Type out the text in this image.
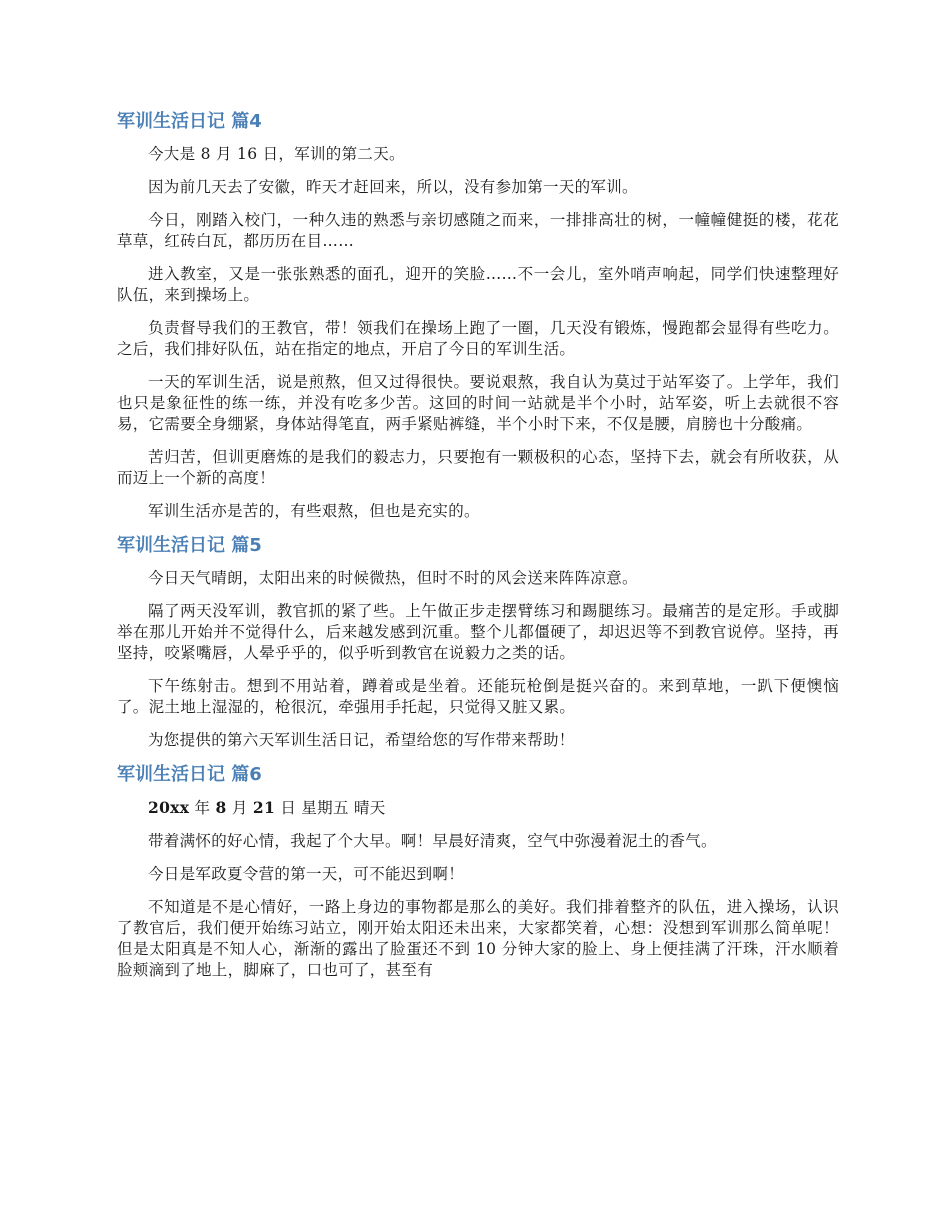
军训生活日记 篇4

今大是 8 月 16 日，军训的第二天。

因为前几天去了安徽，昨天才赶回来，所以，没有参加第一天的军训。

今日，刚踏入校门，一种久违的熟悉与亲切感随之而来，一排排高壮的树，一幢幢健挺的楼，花花草草，红砖白瓦，都历历在目……

进入教室，又是一张张熟悉的面孔，迎开的笑脸……不一会儿，室外哨声响起，同学们快速整理好队伍，来到操场上。

负责督导我们的王教官，带！领我们在操场上跑了一圈，几天没有锻炼，慢跑都会显得有些吃力。之后，我们排好队伍，站在指定的地点，开启了今日的军训生活。

一天的军训生活，说是煎熬，但又过得很快。要说艰熬，我自认为莫过于站军姿了。上学年，我们也只是象征性的练一练，并没有吃多少苦。这回的时间一站就是半个小时，站军姿，听上去就很不容易，它需要全身绷紧，身体站得笔直，两手紧贴裤缝，半个小时下来，不仅是腰，肩膀也十分酸痛。

苦归苦，但训更磨炼的是我们的毅志力，只要抱有一颗极积的心态，坚持下去，就会有所收获，从而迈上一个新的高度！

军训生活亦是苦的，有些艰熬，但也是充实的。

军训生活日记 篇5

今日天气晴朗，太阳出来的时候微热，但时不时的风会送来阵阵凉意。

隔了两天没军训，教官抓的紧了些。上午做正步走摆臂练习和踢腿练习。最痛苦的是定形。手或脚举在那儿开始并不觉得什么，后来越发感到沉重。整个儿都僵硬了，却迟迟等不到教官说停。坚持，再坚持，咬紧嘴唇，人晕乎乎的，似乎听到教官在说毅力之类的话。

下午练射击。想到不用站着，蹲着或是坐着。还能玩枪倒是挺兴奋的。来到草地，一趴下便懊恼了。泥土地上湿湿的，枪很沉，牵强用手托起，只觉得又脏又累。

为您提供的第六天军训生活日记，希望给您的写作带来帮助！

军训生活日记 篇6

20xx 年 8 月 21 日 星期五 晴天

带着满怀的好心情，我起了个大早。啊！早晨好清爽，空气中弥漫着泥土的香气。

今日是军政夏令营的第一天，可不能迟到啊！

不知道是不是心情好，一路上身边的事物都是那么的美好。我们排着整齐的队伍，进入操场，认识了教官后，我们便开始练习站立，刚开始太阳还未出来，大家都笑着，心想：没想到军训那么简单呢！但是太阳真是不知人心，渐渐的露出了脸蛋还不到 10 分钟大家的脸上、身上便挂满了汗珠，汗水顺着脸颊滴到了地上，脚麻了，口也可了，甚至有
